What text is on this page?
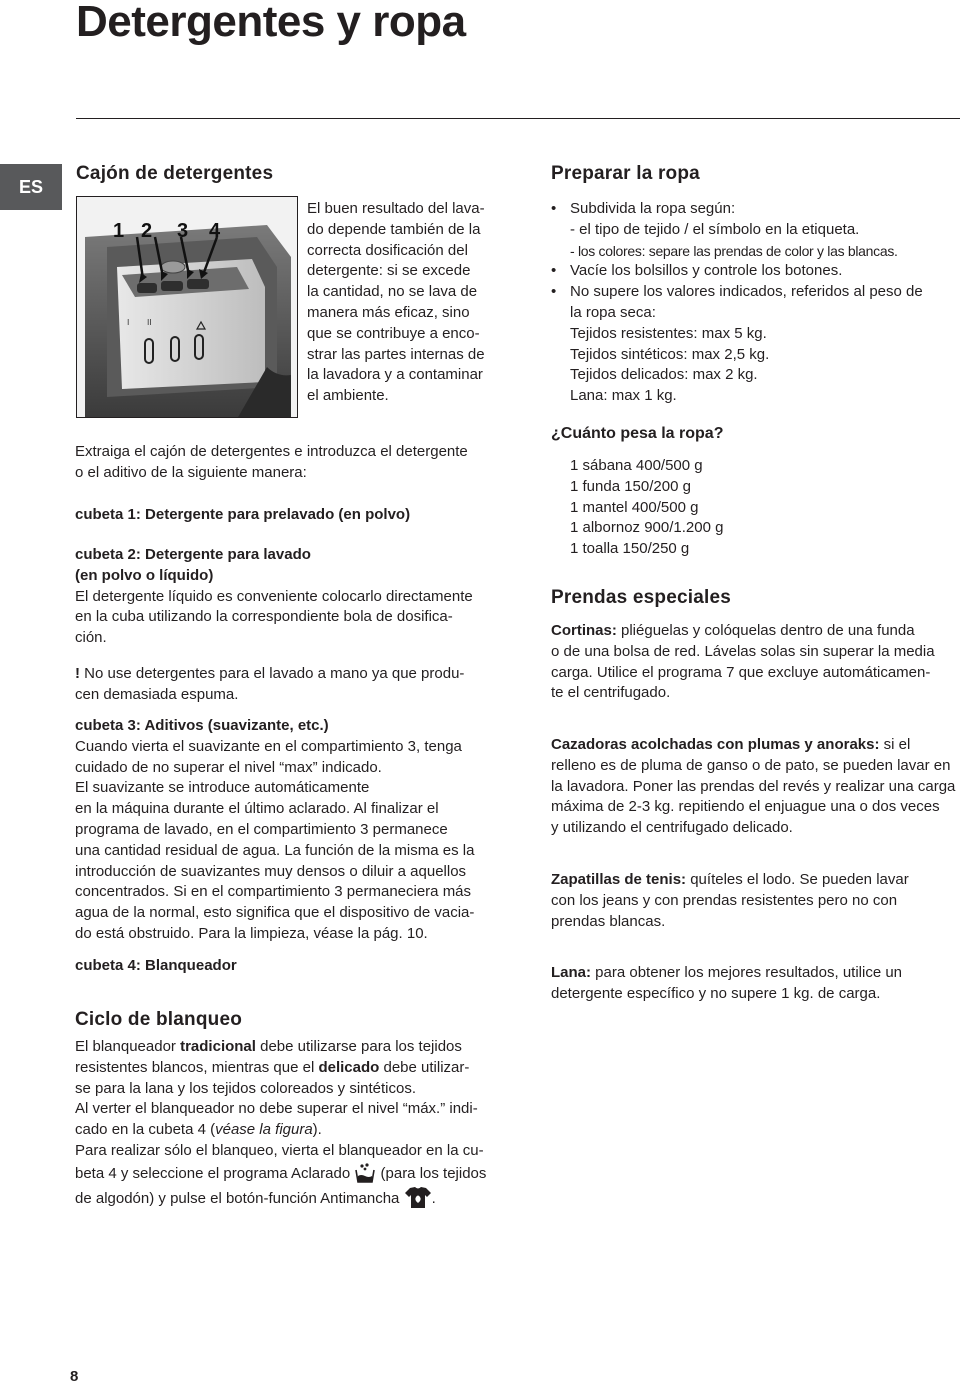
Detergentes y ropa
ES
Cajón de detergentes
I II
1 2 3 4
El buen resultado del lava-
do depende también de la
correcta dosificación del
detergente: si se excede
la cantidad, no se lava de
manera más eficaz, sino
que se contribuye a enco-
strar las partes internas de
la lavadora y a contaminar
el ambiente.
Extraiga el cajón de detergentes e introduzca el detergente
o el aditivo de la siguiente manera:
cubeta 1: Detergente para prelavado (en polvo)
cubeta 2: Detergente para lavado
(en polvo o líquido)
El detergente líquido es conveniente colocarlo directamente
en la cuba utilizando la correspondiente bola de dosifica-
ción.
! No use detergentes para el lavado a mano ya que produ-
cen demasiada espuma.
cubeta 3: Aditivos (suavizante, etc.)
Cuando vierta el suavizante en el compartimiento 3, tenga
cuidado de no superar el nivel “max” indicado.
El suavizante se introduce automáticamente
en la máquina durante el último aclarado. Al finalizar el
programa de lavado, en el compartimiento 3 permanece
una cantidad residual de agua. La función de la misma es la
introducción de suavizantes muy densos o diluir a aquellos
concentrados. Si en el compartimiento 3 permaneciera más
agua de la normal, esto significa que el dispositivo de vacia-
do está obstruido. Para la limpieza, véase la pág. 10.
cubeta 4: Blanqueador
Ciclo de blanqueo
El blanqueador tradicional debe utilizarse para los tejidos
resistentes blancos, mientras que el delicado debe utilizar-
se para la lana y los tejidos coloreados y sintéticos.
Al verter el blanqueador no debe superar el nivel “máx.” indi-
cado en la cubeta 4 (véase la figura).
Para realizar sólo el blanqueo, vierta el blanqueador en la cu-
beta 4 y seleccione el programa Aclarado  (para los tejidos
de algodón) y pulse el botón-función Antimancha .
Preparar la ropa
• Subdivida la ropa según:
- el tipo de tejido / el símbolo en la etiqueta.
- los colores: separe las prendas de color y las blancas.
• Vacíe los bolsillos y controle los botones.
• No supere los valores indicados, referidos al peso de
la ropa seca:
Tejidos resistentes: max 5 kg.
Tejidos sintéticos: max 2,5 kg.
Tejidos delicados: max 2 kg.
Lana: max 1 kg.
¿Cuánto pesa la ropa?
1 sábana 400/500 g
1 funda 150/200 g
1 mantel 400/500 g
1 albornoz 900/1.200 g
1 toalla 150/250 g
Prendas especiales
Cortinas: pliéguelas y colóquelas dentro de una funda
o de una bolsa de red. Lávelas solas sin superar la media
carga. Utilice el programa 7 que excluye automáticamen-
te el centrifugado.
Cazadoras acolchadas con plumas y anoraks: si el
relleno es de pluma de ganso o de pato, se pueden lavar en
la lavadora. Poner las prendas del revés y realizar una carga
máxima de 2-3 kg. repitiendo el enjuague una o dos veces
y utilizando el centrifugado delicado.
Zapatillas de tenis: quíteles el lodo. Se pueden lavar
con los jeans y con prendas resistentes pero no con
prendas blancas.
Lana: para obtener los mejores resultados, utilice un
detergente específico y no supere 1 kg. de carga.
8
